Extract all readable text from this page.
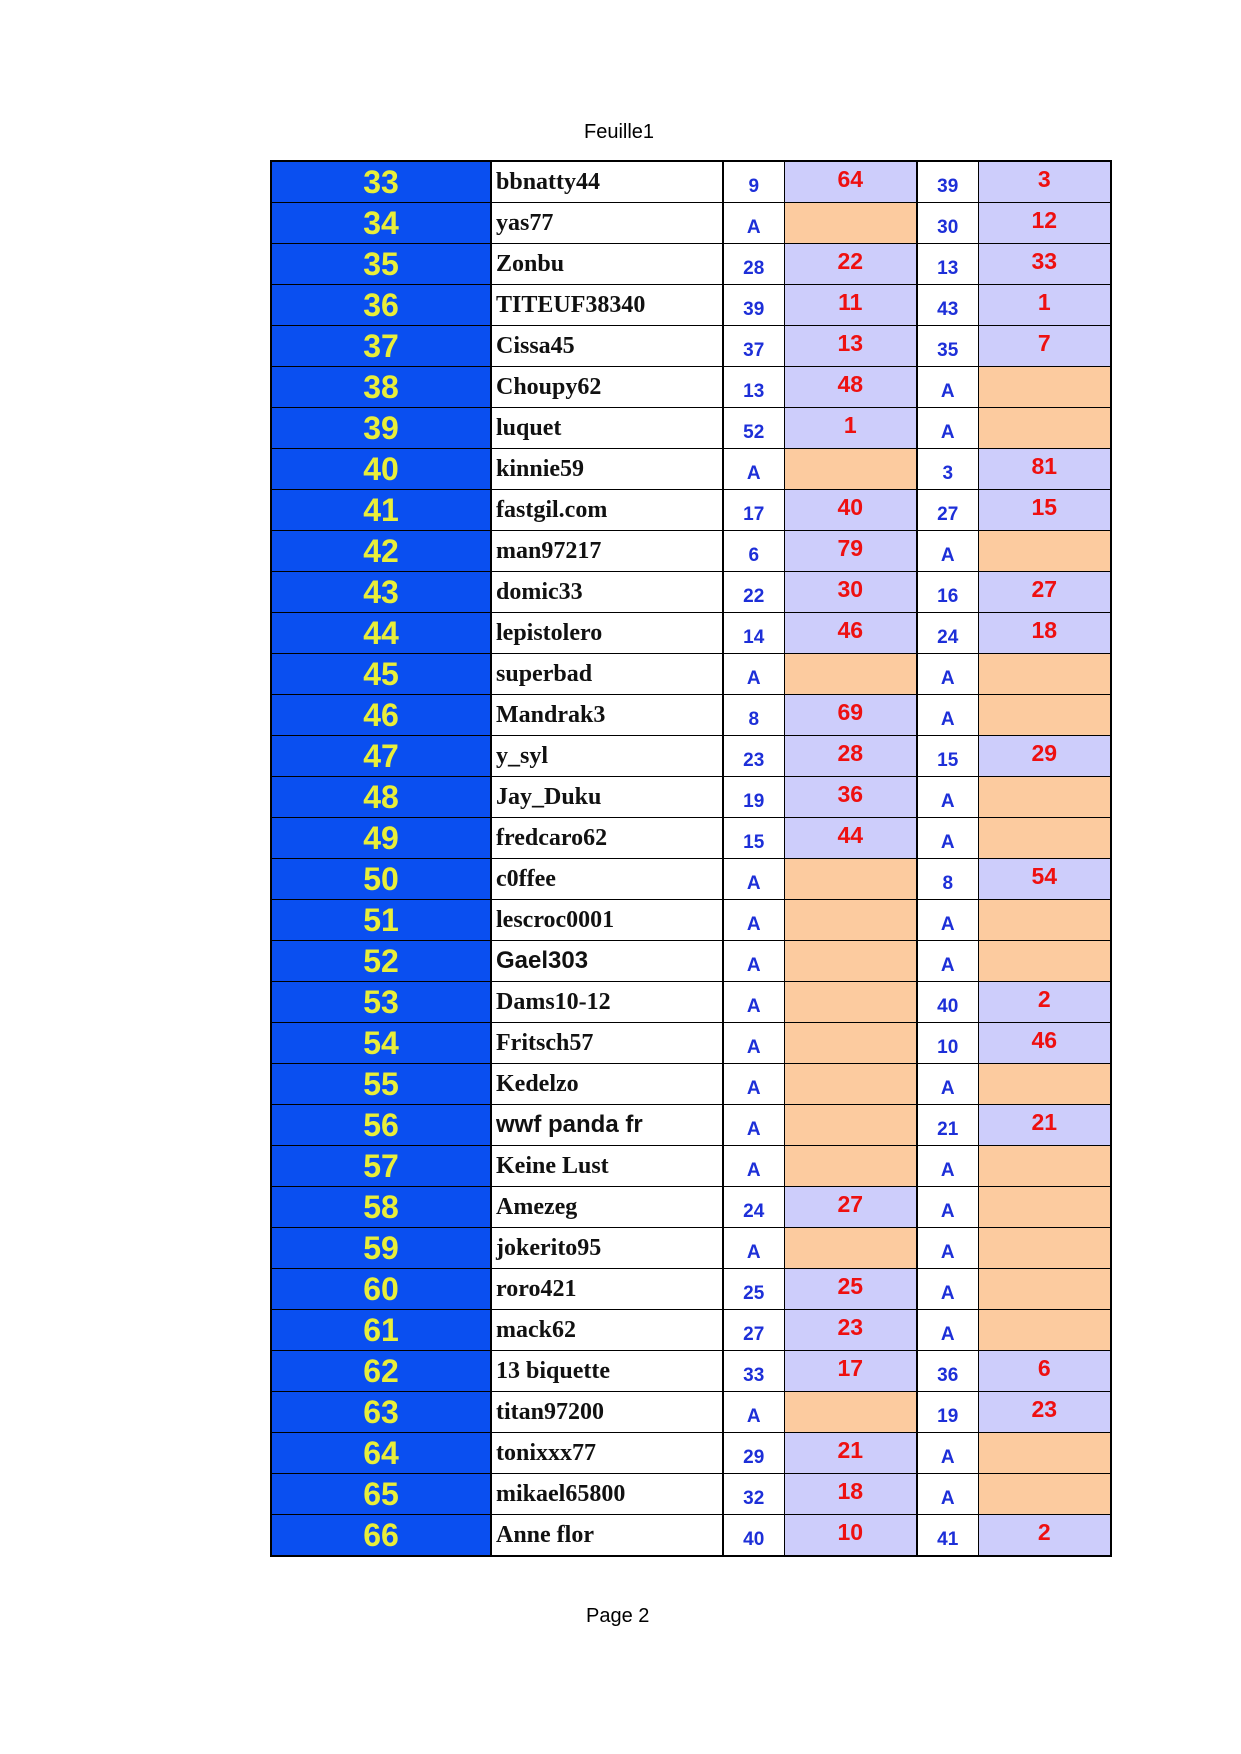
Feuille1
33	bbnatty44	9	64	39	3
34	yas77	A		30	12
35	Zonbu	28	22	13	33
36	TITEUF38340	39	11	43	1
37	Cissa45	37	13	35	7
38	Choupy62	13	48	A	
39	luquet	52	1	A	
40	kinnie59	A		3	81
41	fastgil.com	17	40	27	15
42	man97217	6	79	A	
43	domic33	22	30	16	27
44	lepistolero	14	46	24	18
45	superbad	A		A	
46	Mandrak3	8	69	A	
47	y_syl	23	28	15	29
48	Jay_Duku	19	36	A	
49	fredcaro62	15	44	A	
50	c0ffee	A		8	54
51	lescroc0001	A		A	
52	Gael303	A		A	
53	Dams10-12	A		40	2
54	Fritsch57	A		10	46
55	Kedelzo	A		A	
56	wwf panda fr	A		21	21
57	Keine Lust	A		A	
58	Amezeg	24	27	A	
59	jokerito95	A		A	
60	roro421	25	25	A	
61	mack62	27	23	A	
62	13 biquette	33	17	36	6
63	titan97200	A		19	23
64	tonixxx77	29	21	A	
65	mikael65800	32	18	A	
66	Anne flor	40	10	41	2
Page 2
